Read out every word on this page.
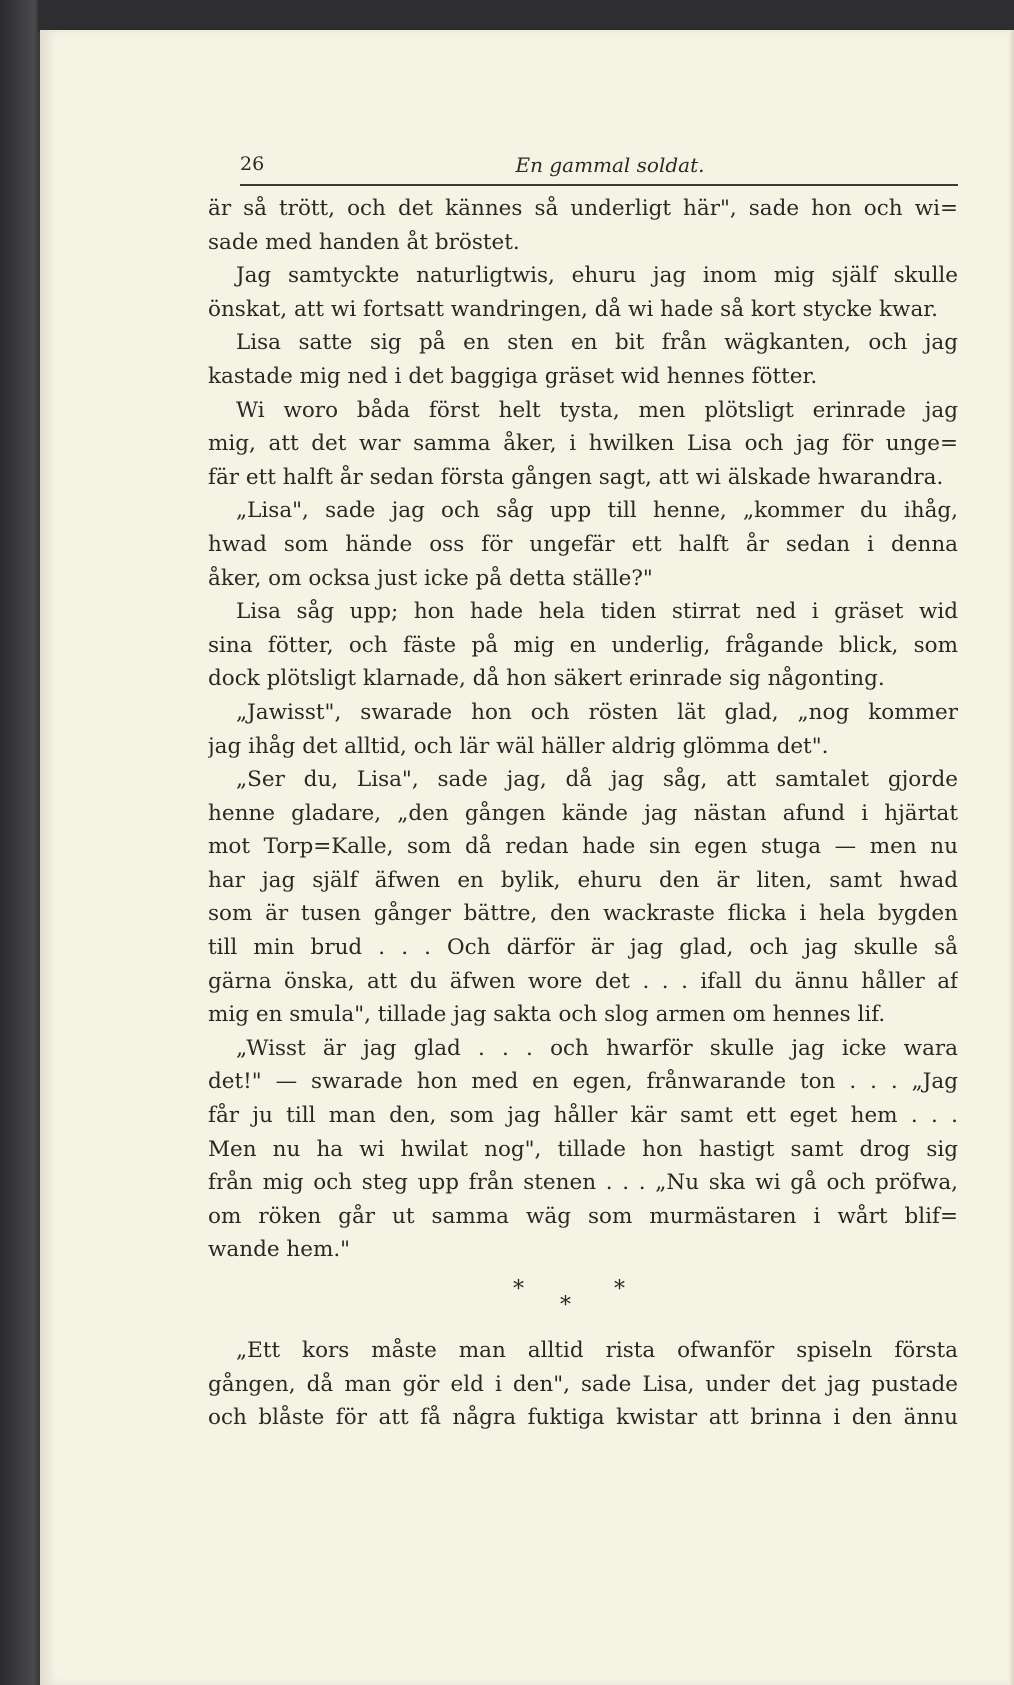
26	En gammal soldat.
är så trött, och det kännes så underligt här", sade hon och wi=
sade med handen åt bröstet.
Jag samtyckte naturligtwis, ehuru jag inom mig själf skulle
önskat, att wi fortsatt wandringen, då wi hade så kort stycke kwar.
Lisa satte sig på en sten en bit från wägkanten, och jag
kastade mig ned i det baggiga gräset wid hennes fötter.
Wi woro båda först helt tysta, men plötsligt erinrade jag
mig, att det war samma åker, i hwilken Lisa och jag för unge=
fär ett halft år sedan första gången sagt, att wi älskade hwarandra.
„Lisa", sade jag och såg upp till henne, „kommer du ihåg,
hwad som hände oss för ungefär ett halft år sedan i denna
åker, om ocksa just icke på detta ställe?"
Lisa såg upp; hon hade hela tiden stirrat ned i gräset wid
sina fötter, och fäste på mig en underlig, frågande blick, som
dock plötsligt klarnade, då hon säkert erinrade sig någonting.
„Jawisst", swarade hon och rösten lät glad, „nog kommer
jag ihåg det alltid, och lär wäl häller aldrig glömma det".
„Ser du, Lisa", sade jag, då jag såg, att samtalet gjorde
henne gladare, „den gången kände jag nästan afund i hjärtat
mot Torp=Kalle, som då redan hade sin egen stuga — men nu
har jag själf äfwen en bylik, ehuru den är liten, samt hwad
som är tusen gånger bättre, den wackraste flicka i hela bygden
till min brud . . . Och därför är jag glad, och jag skulle så
gärna önska, att du äfwen wore det . . . ifall du ännu håller af
mig en smula", tillade jag sakta och slog armen om hennes lif.
„Wisst är jag glad . . . och hwarför skulle jag icke wara
det!" — swarade hon med en egen, frånwarande ton . . . „Jag
får ju till man den, som jag håller kär samt ett eget hem . . .
Men nu ha wi hwilat nog", tillade hon hastigt samt drog sig
från mig och steg upp från stenen . . . „Nu ska wi gå och pröfwa,
om röken går ut samma wäg som murmästaren i wårt blif=
wande hem."
*
*
*
„Ett kors måste man alltid rista ofwanför spiseln första
gången, då man gör eld i den", sade Lisa, under det jag pustade
och blåste för att få några fuktiga kwistar att brinna i den ännu
